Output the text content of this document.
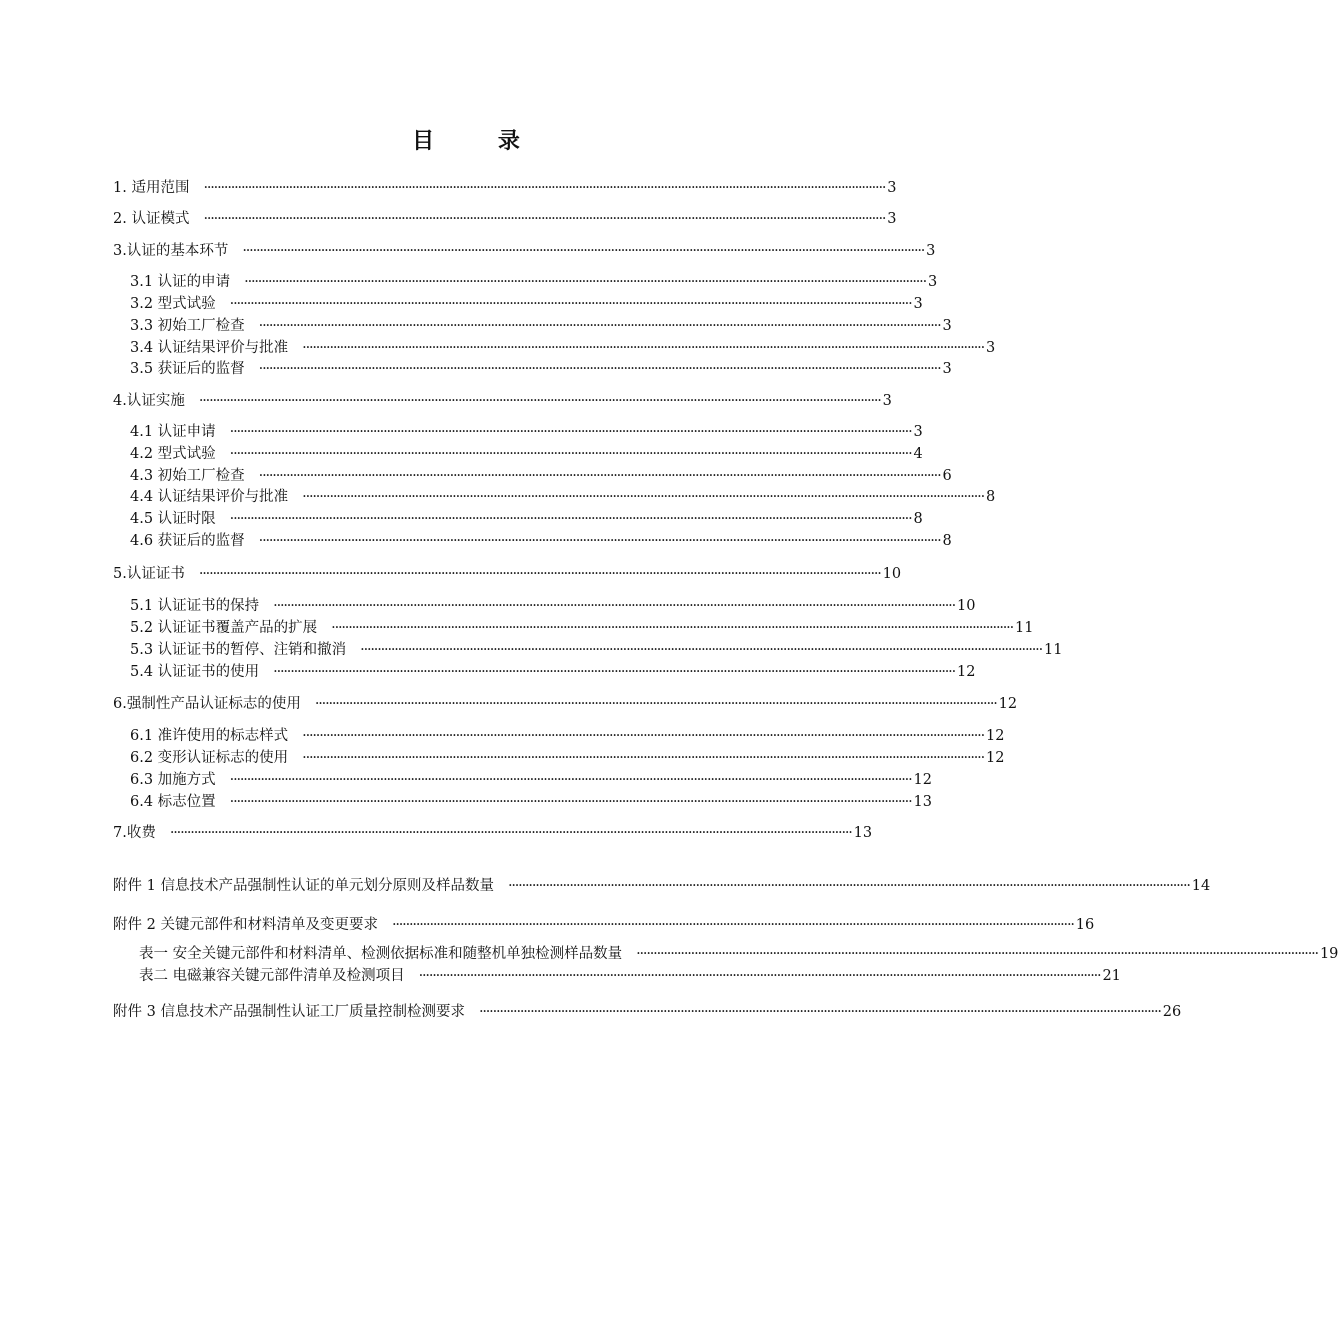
目 录
1. 适用范围 ········································································································································································································ 3
2. 认证模式 ········································································································································································································ 3
3.认证的基本环节 ········································································································································································································ 3
3.1 认证的申请 ········································································································································································································ 3
3.2 型式试验 ········································································································································································································ 3
3.3 初始工厂检查 ········································································································································································································ 3
3.4 认证结果评价与批准 ········································································································································································································ 3
3.5 获证后的监督 ········································································································································································································ 3
4.认证实施 ········································································································································································································ 3
4.1 认证申请 ········································································································································································································ 3
4.2 型式试验 ········································································································································································································ 4
4.3 初始工厂检查 ········································································································································································································ 6
4.4 认证结果评价与批准 ········································································································································································································ 8
4.5 认证时限 ········································································································································································································ 8
4.6 获证后的监督 ········································································································································································································ 8
5.认证证书 ········································································································································································································ 10
5.1 认证证书的保持 ········································································································································································································ 10
5.2 认证证书覆盖产品的扩展 ········································································································································································································ 11
5.3 认证证书的暂停、注销和撤消 ········································································································································································································ 11
5.4 认证证书的使用 ········································································································································································································ 12
6.强制性产品认证标志的使用 ········································································································································································································ 12
6.1 准许使用的标志样式 ········································································································································································································ 12
6.2 变形认证标志的使用 ········································································································································································································ 12
6.3 加施方式 ········································································································································································································ 12
6.4 标志位置 ········································································································································································································ 13
7.收费 ········································································································································································································ 13
附件 1 信息技术产品强制性认证的单元划分原则及样品数量 ········································································································································································································ 14
附件 2 关键元部件和材料清单及变更要求 ········································································································································································································ 16
表一 安全关键元部件和材料清单、检测依据标准和随整机单独检测样品数量 ········································································································································································································ 19
表二 电磁兼容关键元部件清单及检测项目 ········································································································································································································ 21
附件 3 信息技术产品强制性认证工厂质量控制检测要求 ········································································································································································································ 26
